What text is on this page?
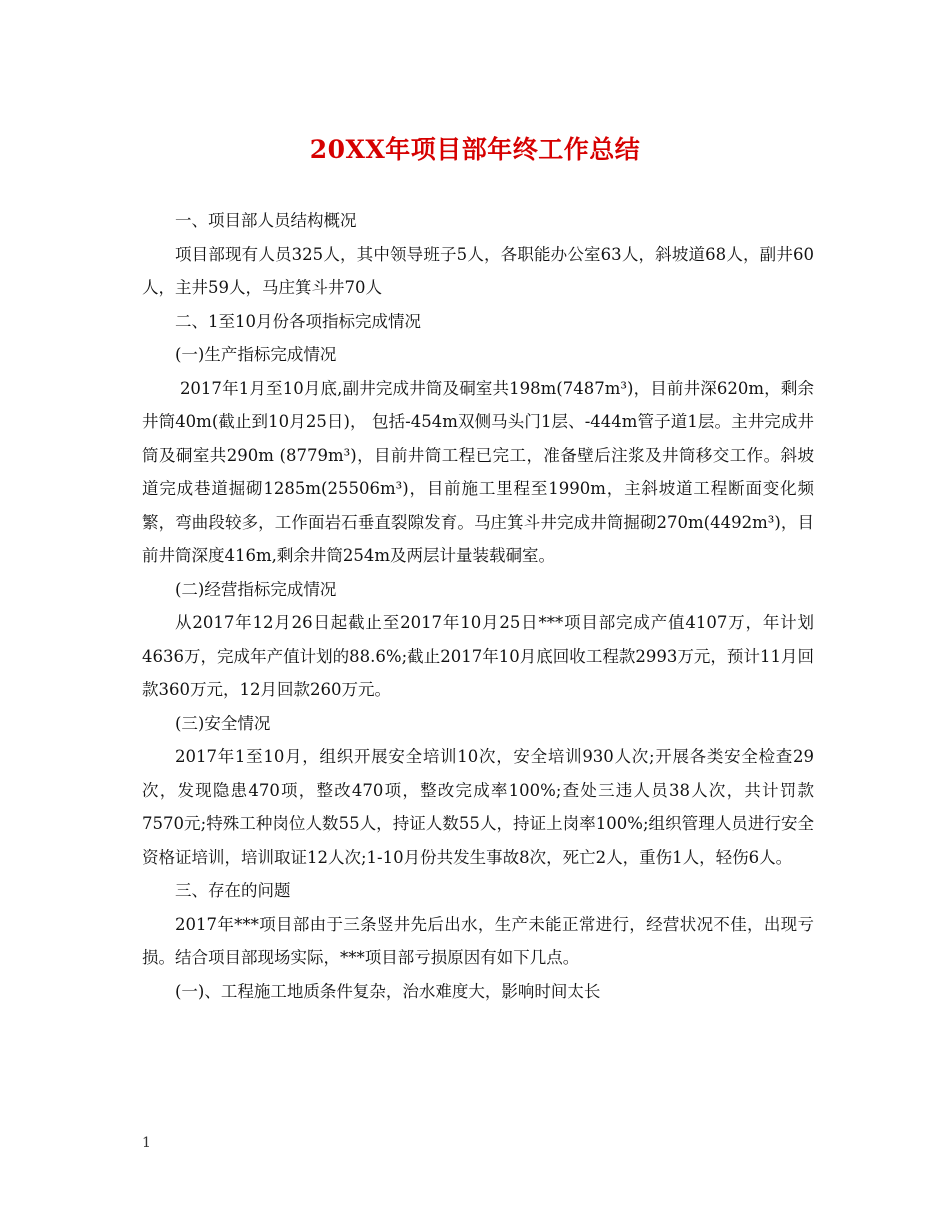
20XX年项目部年终工作总结

一、项目部人员结构概况

项目部现有人员325人，其中领导班子5人，各职能办公室63人，斜坡道68人，副井60人，主井59人，马庄箕斗井70人

二、1至10月份各项指标完成情况

(一)生产指标完成情况

2017年1月至10月底,副井完成井筒及硐室共198m(7487m³)，目前井深620m，剩余井筒40m(截止到10月25日)， 包括-454m双侧马头门1层、-444m管子道1层。主井完成井筒及硐室共290m (8779m³)，目前井筒工程已完工，准备壁后注浆及井筒移交工作。斜坡道完成巷道掘砌1285m(25506m³)，目前施工里程至1990m，主斜坡道工程断面变化频繁，弯曲段较多，工作面岩石垂直裂隙发育。马庄箕斗井完成井筒掘砌270m(4492m³)，目前井筒深度416m,剩余井筒254m及两层计量装载硐室。

(二)经营指标完成情况

从2017年12月26日起截止至2017年10月25日***项目部完成产值4107万，年计划4636万，完成年产值计划的88.6%;截止2017年10月底回收工程款2993万元，预计11月回款360万元，12月回款260万元。

(三)安全情况

2017年1至10月，组织开展安全培训10次，安全培训930人次;开展各类安全检查29次，发现隐患470项，整改470项，整改完成率100%;查处三违人员38人次，共计罚款7570元;特殊工种岗位人数55人，持证人数55人，持证上岗率100%;组织管理人员进行安全资格证培训，培训取证12人次;1-10月份共发生事故8次，死亡2人，重伤1人，轻伤6人。

三、存在的问题

2017年***项目部由于三条竖井先后出水，生产未能正常进行，经营状况不佳，出现亏损。结合项目部现场实际，***项目部亏损原因有如下几点。

(一)、工程施工地质条件复杂，治水难度大，影响时间太长

1
